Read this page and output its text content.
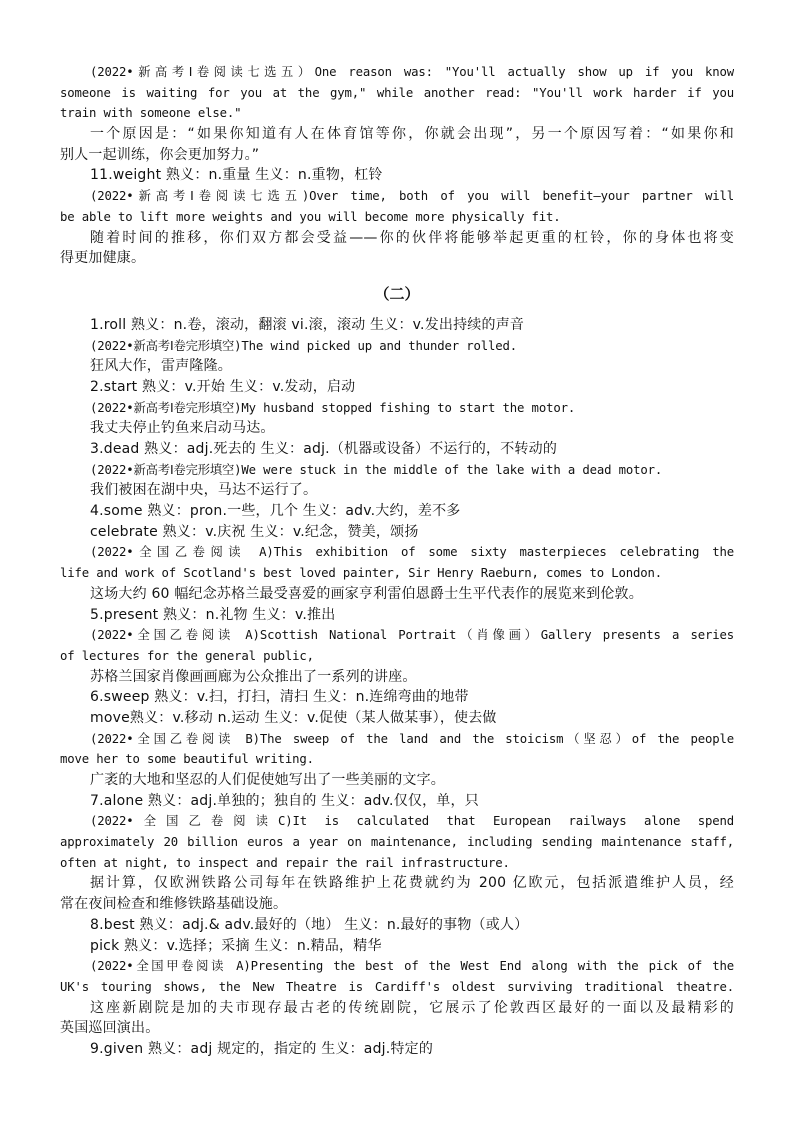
(2022•新高考Ⅰ卷阅读七选五）One reason was: "You'll actually show up if you know
someone is waiting for you at the gym," while another read: "You'll work harder if you
train with someone else."
一个原因是：“如果你知道有人在体育馆等你，你就会出现”，另一个原因写着：“如果你和
别人一起训练，你会更加努力。”
11.weight 熟义：n.重量 生义：n.重物，杠铃
(2022•新高考Ⅰ卷阅读七选五)Over time, both of you will benefit—your partner will
be able to lift more weights and you will become more physically fit.
随着时间的推移，你们双方都会受益——你的伙伴将能够举起更重的杠铃，你的身体也将变
得更加健康。
（二）
1.roll 熟义：n.卷，滚动，翻滚 vi.滚，滚动 生义：v.发出持续的声音
(2022•新高考Ⅰ卷完形填空)The wind picked up and thunder rolled.
狂风大作，雷声隆隆。
2.start 熟义：v.开始 生义：v.发动，启动
(2022•新高考Ⅰ卷完形填空)My husband stopped fishing to start the motor.
我丈夫停止钓鱼来启动马达。
3.dead 熟义：adj.死去的 生义：adj.（机器或设备）不运行的，不转动的
(2022•新高考Ⅰ卷完形填空)We were stuck in the middle of the lake with a dead motor.
我们被困在湖中央，马达不运行了。
4.some 熟义：pron.一些，几个 生义：adv.大约，差不多
celebrate 熟义：v.庆祝 生义：v.纪念，赞美，颂扬
(2022•全国乙卷阅读 A)This exhibition of some sixty masterpieces celebrating the
life and work of Scotland's best loved painter, Sir Henry Raeburn, comes to London.
这场大约 60 幅纪念苏格兰最受喜爱的画家亨利雷伯恩爵士生平代表作的展览来到伦敦。
5.present 熟义：n.礼物 生义：v.推出
(2022•全国乙卷阅读 A)Scottish National Portrait（肖像画）Gallery presents a series
of lectures for the general public,
苏格兰国家肖像画画廊为公众推出了一系列的讲座。
6.sweep 熟义：v.扫，打扫，清扫 生义：n.连绵弯曲的地带
move熟义：v.移动 n.运动 生义：v.促使（某人做某事），使去做
(2022•全国乙卷阅读 B)The sweep of the land and the stoicism（坚忍）of the people
move her to some beautiful writing.
广袤的大地和坚忍的人们促使她写出了一些美丽的文字。
7.alone 熟义：adj.单独的；独自的 生义：adv.仅仅，单，只
(2022•全国乙卷阅读C)It is calculated that European railways alone spend
approximately 20 billion euros a year on maintenance, including sending maintenance staff,
often at night, to inspect and repair the rail infrastructure.
据计算，仅欧洲铁路公司每年在铁路维护上花费就约为 200 亿欧元，包括派遣维护人员，经
常在夜间检查和维修铁路基础设施。
8.best 熟义：adj.& adv.最好的（地） 生义：n.最好的事物（或人）
pick 熟义：v.选择；采摘 生义：n.精品，精华
(2022•全国甲卷阅读 A)Presenting the best of the West End along with the pick of the
UK's touring shows, the New Theatre is Cardiff's oldest surviving traditional theatre.
这座新剧院是加的夫市现存最古老的传统剧院，它展示了伦敦西区最好的一面以及最精彩的
英国巡回演出。
9.given 熟义：adj 规定的，指定的 生义：adj.特定的
